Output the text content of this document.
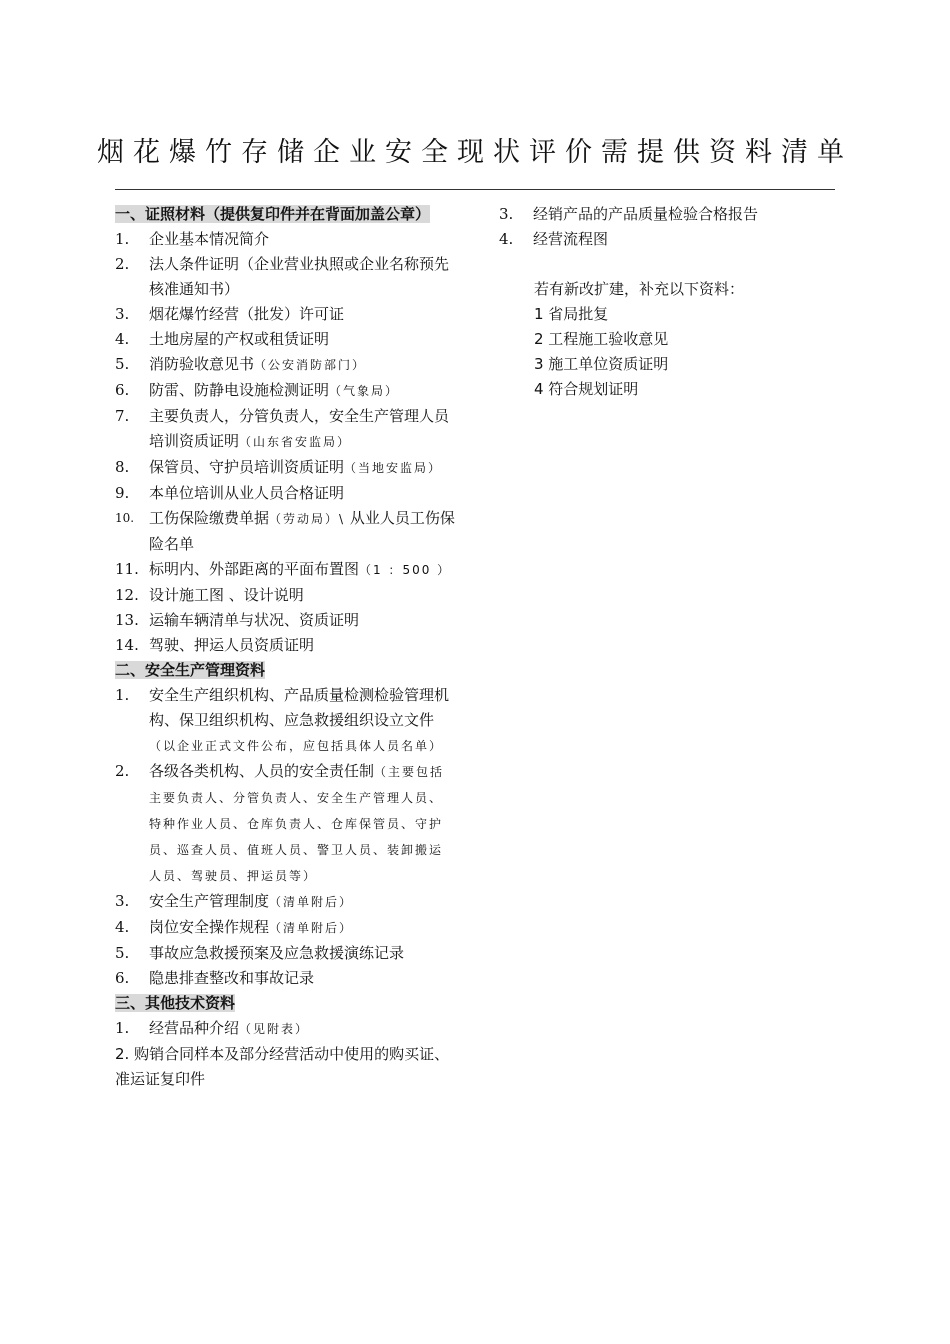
烟花爆竹存储企业安全现状评价需提供资料清单
一、证照材料（提供复印件并在背面加盖公章）
1.	企业基本情况简介
2.	法人条件证明（企业营业执照或企业名称预先核准通知书）
3.	烟花爆竹经营（批发）许可证
4.	土地房屋的产权或租赁证明
5.	消防验收意见书（公安消防部门）
6.	防雷、防静电设施检测证明（气象局）
7.	主要负责人，分管负责人，安全生产管理人员培训资质证明（山东省安监局）
8.	保管员、守护员培训资质证明（当地安监局）
9.	本单位培训从业人员合格证明
10. 工伤保险缴费单据（劳动局）\ 从业人员工伤保险名单
11. 标明内、外部距离的平面布置图（1 ：500 ）
12. 设计施工图 、设计说明
13. 运输车辆清单与状况、资质证明
14. 驾驶、押运人员资质证明
二、安全生产管理资料
1.	安全生产组织机构、产品质量检测检验管理机构、保卫组织机构、应急救援组织设立文件（以企业正式文件公布，应包括具体人员名单）
2.	各级各类机构、人员的安全责任制（主要包括主要负责人、分管负责人、安全生产管理人员、特种作业人员、仓库负责人、仓库保管员、守护员、巡查人员、值班人员、警卫人员、装卸搬运人员、驾驶员、押运员等）
3.	安全生产管理制度（清单附后）
4.	岗位安全操作规程（清单附后）
5.	事故应急救援预案及应急救援演练记录
6.	隐患排查整改和事故记录
三、其他技术资料
1.	经营品种介绍（见附表）
2. 购销合同样本及部分经营活动中使用的购买证、准运证复印件
3.	经销产品的产品质量检验合格报告
4.	经营流程图
若有新改扩建，补充以下资料：
1 省局批复
2 工程施工验收意见
3 施工单位资质证明
4 符合规划证明
